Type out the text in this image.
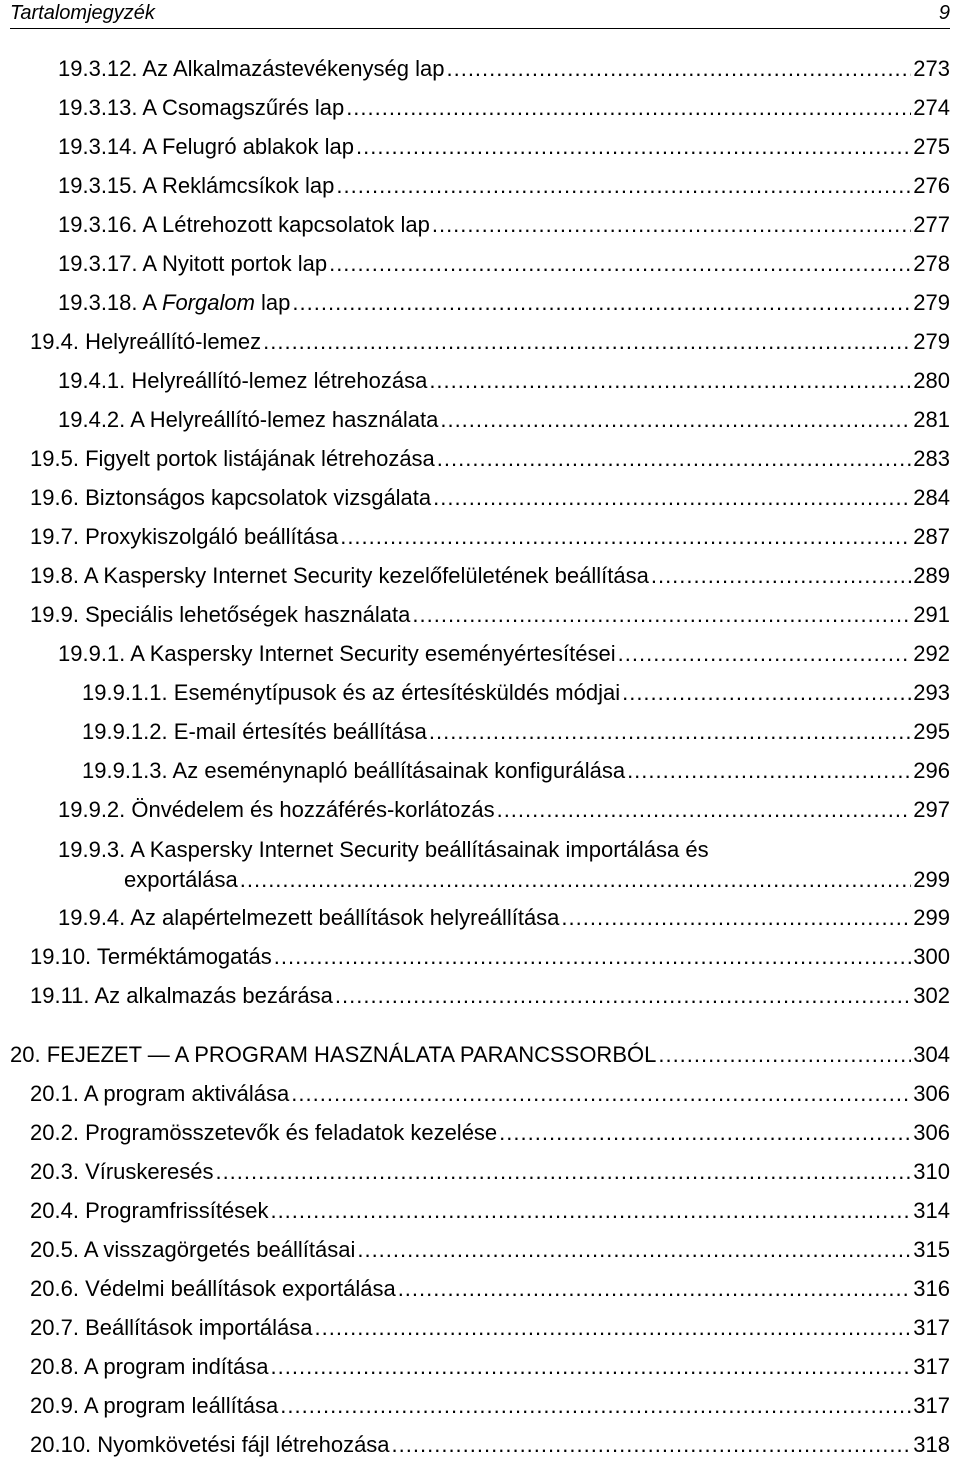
Tartalomjegyzék	9
19.3.12. Az Alkalmazástevékenység lap .....	273
19.3.13. A Csomagszűrés lap .....	274
19.3.14. A Felugró ablakok lap .....	275
19.3.15. A Reklámcsíkok lap .....	276
19.3.16. A Létrehozott kapcsolatok lap .....	277
19.3.17. A Nyitott portok lap .....	278
19.3.18. A Forgalom lap .....	279
19.4. Helyreállító-lemez .....	279
19.4.1. Helyreállító-lemez létrehozása .....	280
19.4.2. A Helyreállító-lemez használata .....	281
19.5. Figyelt portok listájának létrehozása .....	283
19.6. Biztonságos kapcsolatok vizsgálata .....	284
19.7. Proxykiszolgáló beállítása .....	287
19.8. A Kaspersky Internet Security kezelőfelületének beállítása .....	289
19.9. Speciális lehetőségek használata .....	291
19.9.1. A Kaspersky Internet Security eseményértesítései .....	292
19.9.1.1. Eseménytípusok és az értesítésküldés módjai .....	293
19.9.1.2. E-mail értesítés beállítása .....	295
19.9.1.3. Az eseménynapló beállításainak konfigurálása .....	296
19.9.2. Önvédelem és hozzáférés-korlátozás .....	297
19.9.3. A Kaspersky Internet Security beállításainak importálása és
exportálása .....	299
19.9.4. Az alapértelmezett beállítások helyreállítása .....	299
19.10. Terméktámogatás .....	300
19.11. Az alkalmazás bezárása .....	302
20. FEJEZET — A PROGRAM HASZNÁLATA PARANCSSORBÓL .....	304
20.1. A program aktiválása .....	306
20.2. Programösszetevők és feladatok kezelése .....	306
20.3. Víruskeresés .....	310
20.4. Programfrissítések .....	314
20.5. A visszagörgetés beállításai .....	315
20.6. Védelmi beállítások exportálása .....	316
20.7. Beállítások importálása .....	317
20.8. A program indítása .....	317
20.9. A program leállítása .....	317
20.10. Nyomkövetési fájl létrehozása .....	318
